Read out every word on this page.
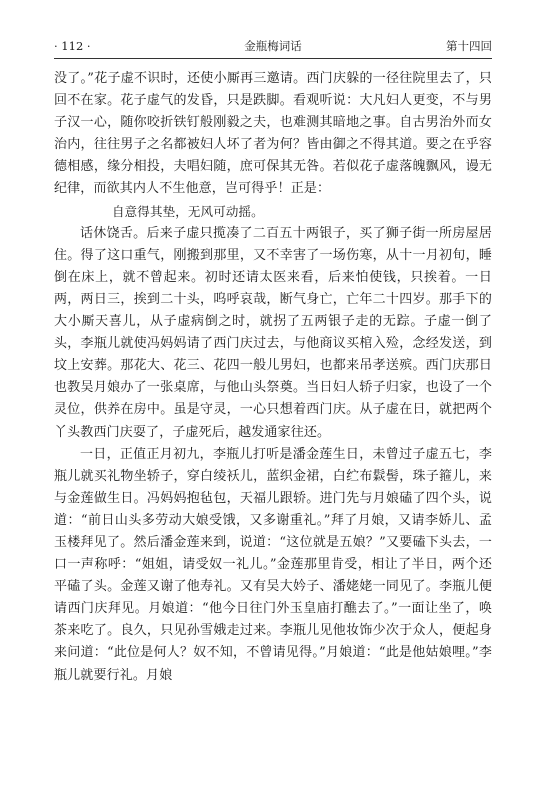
· 112 ·	金瓶梅词话	第十四回

没了。”花子虚不识时，还使小厮再三邀请。西门庆躲的一径往院里去了，只回不在家。花子虚气的发昏，只是跌脚。看观听说：大凡妇人更变，不与男子汉一心，随你咬折铁钉般刚毅之夫，也难测其暗地之事。自古男治外而女治内，往往男子之名都被妇人坏了者为何？皆由御之不得其道。要之在乎容德相感，缘分相投，夫唱妇随，庶可保其无咎。若似花子虚落魄飘风，谩无纪律，而欲其内人不生他意，岂可得乎！正是：

自意得其垫，无风可动摇。

话休饶舌。后来子虚只揽凑了二百五十两银子，买了狮子街一所房屋居住。得了这口重气，刚搬到那里，又不幸害了一场伤寒，从十一月初旬，睡倒在床上，就不曾起来。初时还请太医来看，后来怕使钱，只挨着。一日两，两日三，挨到二十头，呜呼哀哉，断气身亡，亡年二十四岁。那手下的大小厮天喜儿，从子虚病倒之时，就拐了五两银子走的无踪。子虚一倒了头，李瓶儿就使冯妈妈请了西门庆过去，与他商议买棺入殓，念经发送，到坟上安葬。那花大、花三、花四一般儿男妇，也都来吊孝送殡。西门庆那日也教吴月娘办了一张桌席，与他山头祭奠。当日妇人轿子归家，也设了一个灵位，供养在房中。虽是守灵，一心只想着西门庆。从子虚在日，就把两个丫头教西门庆耍了，子虚死后，越发通家往还。

一日，正值正月初九，李瓶儿打听是潘金莲生日，未曾过子虚五七，李瓶儿就买礼物坐轿子，穿白绫袄儿，蓝织金裙，白纻布鬏髻，珠子箍儿，来与金莲做生日。冯妈妈抱毡包，天福儿跟轿。进门先与月娘磕了四个头，说道：“前日山头多劳动大娘受饿，又多谢重礼。”拜了月娘，又请李娇儿、孟玉楼拜见了。然后潘金莲来到，说道：“这位就是五娘？”又要磕下头去，一口一声称呼：“姐姐，请受奴一礼儿。”金莲那里肯受，相让了半日，两个还平磕了头。金莲又谢了他寿礼。又有吴大妗子、潘姥姥一同见了。李瓶儿便请西门庆拜见。月娘道：“他今日往门外玉皇庙打醮去了。”一面让坐了，唤茶来吃了。良久，只见孙雪娥走过来。李瓶儿见他妆饰少次于众人，便起身来问道：“此位是何人？奴不知，不曾请见得。”月娘道：“此是他姑娘哩。”李瓶儿就要行礼。月娘
